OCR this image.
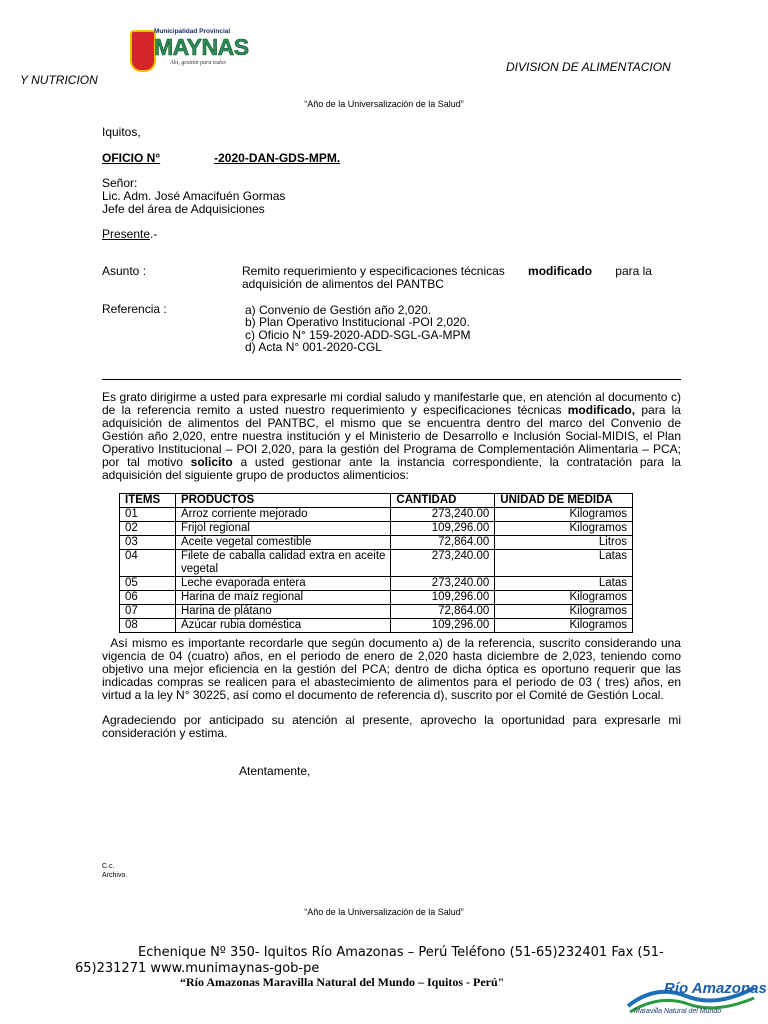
Municipalidad Provincial
MAYNAS
Ahí, gestión para todos	DIVISION DE ALIMENTACION
Y NUTRICION
“Año de la Universalización de la Salud”
Iquitos,
OFICIO N°	-2020-DAN-GDS-MPM.
Señor:
Lic. Adm. José Amacifuén Gormas
Jefe del área de Adquisiciones
Presente.-
Asunto :	Remito requerimiento y especificaciones técnicas modificado para la
adquisición de alimentos del PANTBC
Referencia :	a) Convenio de Gestión año 2,020.
b) Plan Operativo Institucional -POI 2,020.
c) Oficio N° 159-2020-ADD-SGL-GA-MPM
d) Acta N° 001-2020-CGL
Es grato dirigirme a usted para expresarle mi cordial saludo y manifestarle que, en atención al documento c) de la referencia remito a usted nuestro requerimiento y especificaciones técnicas modificado, para la adquisición de alimentos del PANTBC, el mismo que se encuentra dentro del marco del Convenio de Gestión año 2,020, entre nuestra institución y el Ministerio de Desarrollo e Inclusión Social-MIDIS, el Plan Operativo Institucional – POI 2,020, para la gestión del Programa de Complementación Alimentaria – PCA; por tal motivo solicito a usted gestionar ante la instancia correspondiente, la contratación para la adquisición del siguiente grupo de productos alimenticios:
ITEMS	PRODUCTOS	CANTIDAD	UNIDAD DE MEDIDA
01	Arroz corriente mejorado	273,240.00	Kilogramos
02	Frijol regional	109,296.00	Kilogramos
03	Aceite vegetal comestible	72,864.00	Litros
04	Filete de caballa calidad extra en aceite vegetal	273,240.00	Latas
05	Leche evaporada entera	273,240.00	Latas
06	Harina de maíz regional	109,296.00	Kilogramos
07	Harina de plátano	72,864.00	Kilogramos
08	Azúcar rubia doméstica	109,296.00	Kilogramos
Así mismo es importante recordarle que según documento a) de la referencia, suscrito considerando una vigencia de 04 (cuatro) años, en el periodo de enero de 2,020 hasta diciembre de 2,023, teniendo como objetivo una mejor eficiencia en la gestión del PCA; dentro de dicha óptica es oportuno requerir que las indicadas compras se realicen para el abastecimiento de alimentos para el periodo de 03 ( tres) años, en virtud a la ley N° 30225, así como el documento de referencia d), suscrito por el Comité de Gestión Local.
Agradeciendo por anticipado su atención al presente, aprovecho la oportunidad para expresarle mi consideración y estima.
Atentamente,
C.c.
Archivo.
“Año de la Universalización de la Salud”
Echenique Nº 350- Iquitos Río Amazonas – Perú Teléfono (51-65)232401 Fax (51-
65)231271 www.munimaynas-gob-pe
“Río Amazonas Maravilla Natural del Mundo – Iquitos - Perú"	Río Amazonas
Maravilla Natural del Mundo
